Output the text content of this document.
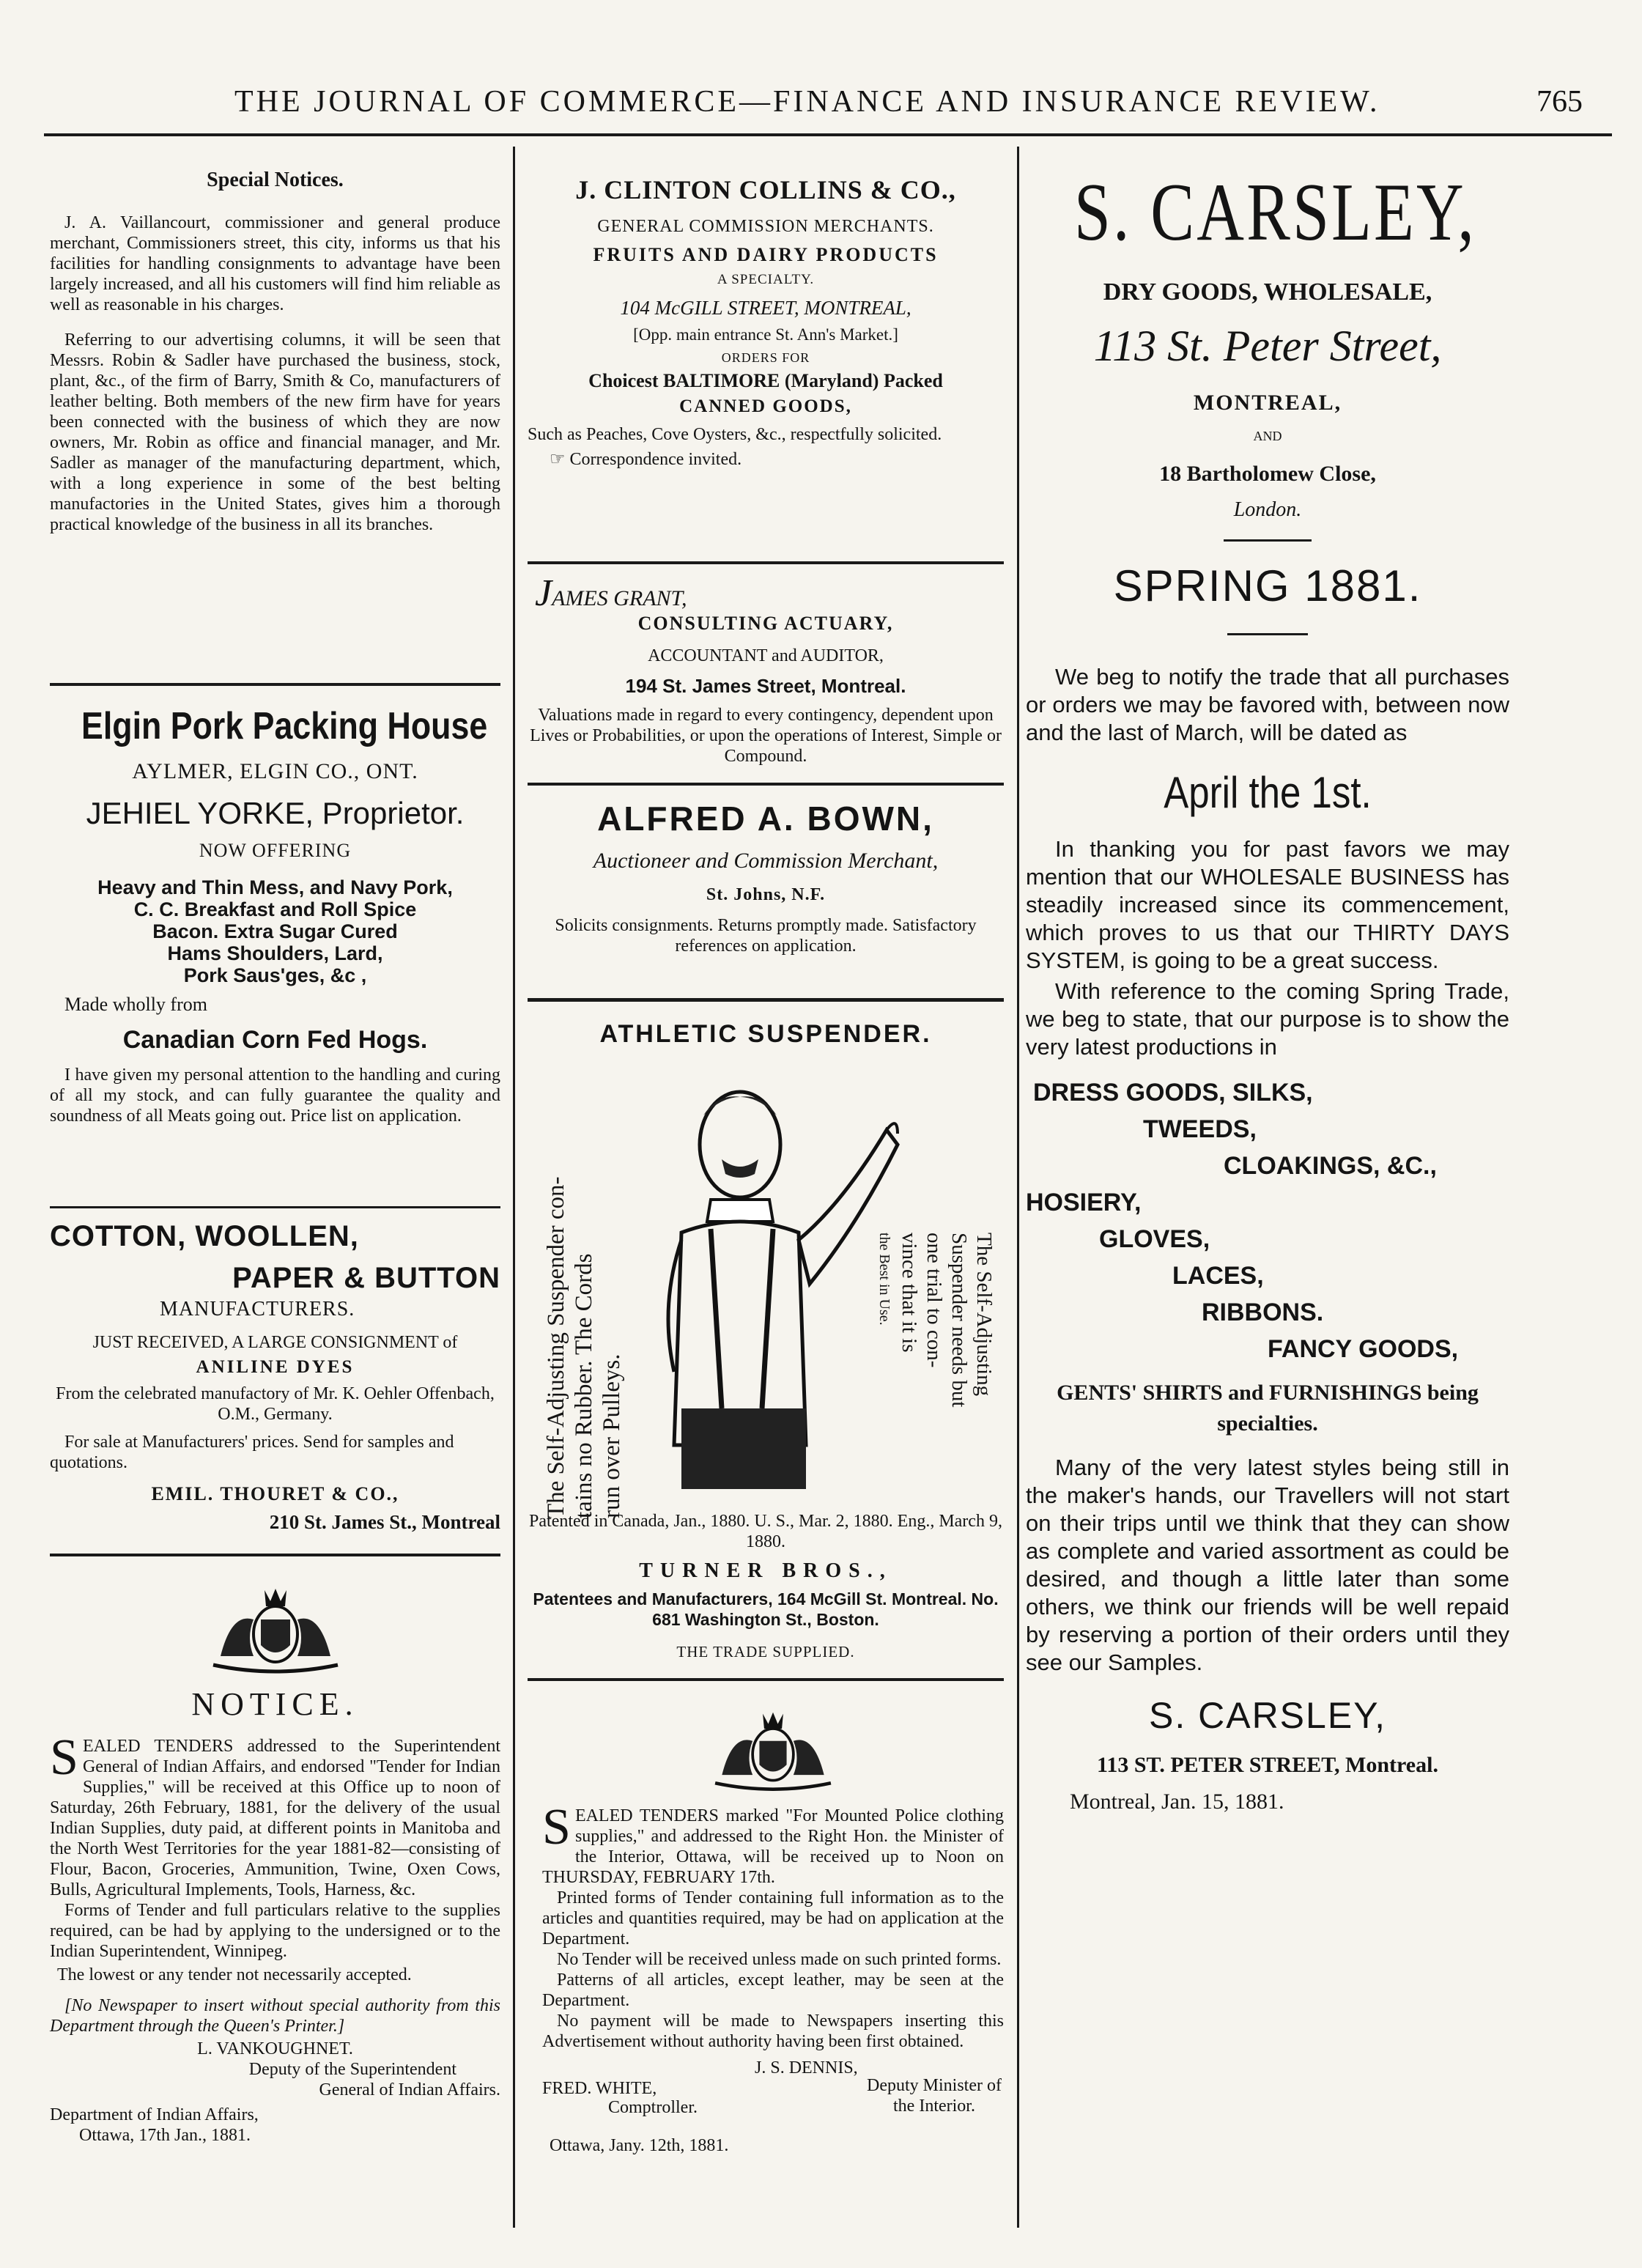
THE JOURNAL OF COMMERCE—FINANCE AND INSURANCE REVIEW.	765

Special Notices.

J. A. Vaillancourt, commissioner and general produce merchant, Commissioners street, this city, informs us that his facilities for handling consignments to advantage have been largely increased, and all his customers will find him reliable as well as reasonable in his charges.

Referring to our advertising columns, it will be seen that Messrs. Robin & Sadler have purchased the business, stock, plant, &c., of the firm of Barry, Smith & Co, manufacturers of leather belting. Both members of the new firm have for years been connected with the business of which they are now owners, Mr. Robin as office and financial manager, and Mr. Sadler as manager of the manufacturing department, which, with a long experience in some of the best belting manufactories in the United States, gives him a thorough practical knowledge of the business in all its branches.

Elgin Pork Packing House

AYLMER, ELGIN CO., ONT.

JEHIEL YORKE, Proprietor.

NOW OFFERING

Heavy and Thin Mess, and Navy Pork,

C. C. Breakfast and Roll Spice

Bacon. Extra Sugar Cured

Hams Shoulders, Lard,

Pork Saus'ges, &c ,

Made wholly from

Canadian Corn Fed Hogs.

I have given my personal attention to the handling and curing of all my stock, and can fully guarantee the quality and soundness of all Meats going out. Price list on application.

COTTON, WOOLLEN,

PAPER & BUTTON

MANUFACTURERS.

JUST RECEIVED, A LARGE CONSIGNMENT of

ANILINE DYES

From the celebrated manufactory of Mr. K. Oehler Offenbach, O.M., Germany.

For sale at Manufacturers' prices. Send for samples and quotations.

EMIL. THOURET & CO.,

210 St. James St., Montreal

NOTICE.

SEALED TENDERS addressed to the Superintendent General of Indian Affairs, and endorsed "Tender for Indian Supplies," will be received at this Office up to noon of Saturday, 26th February, 1881, for the delivery of the usual Indian Supplies, duty paid, at different points in Manitoba and the North West Territories for the year 1881-82—consisting of Flour, Bacon, Groceries, Ammunition, Twine, Oxen Cows, Bulls, Agricultural Implements, Tools, Harness, &c.

Forms of Tender and full particulars relative to the supplies required, can be had by applying to the undersigned or to the Indian Superintendent, Winnipeg.

The lowest or any tender not necessarily accepted.

[No Newspaper to insert without special authority from this Department through the Queen's Printer.]

L. VANKOUGHNET.

Deputy of the Superintendent

General of Indian Affairs.

Department of Indian Affairs,

Ottawa, 17th Jan., 1881.

J. CLINTON COLLINS & CO.,

GENERAL COMMISSION MERCHANTS.

FRUITS AND DAIRY PRODUCTS

A SPECIALTY.

104 McGILL STREET, MONTREAL,

[Opp. main entrance St. Ann's Market.]

ORDERS FOR

Choicest BALTIMORE (Maryland) Packed

CANNED GOODS,

Such as Peaches, Cove Oysters, &c., respectfully solicited.

☞ Correspondence invited.

JAMES GRANT,

CONSULTING ACTUARY,

ACCOUNTANT and AUDITOR,

194 St. James Street, Montreal.

Valuations made in regard to every contingency, dependent upon Lives or Probabilities, or upon the operations of Interest, Simple or Compound.

ALFRED A. BOWN,

Auctioneer and Commission Merchant,

St. Johns, N.F.

Solicits consignments. Returns promptly made. Satisfactory references on application.

ATHLETIC SUSPENDER.

The Self-Adjusting Suspender con- tains no Rubber. The Cords run over Pulleys.

The Self-Adjusting

Suspender needs but

one trial to con-

vince that it is

the Best in Use.

Patented in Canada, Jan., 1880. U. S., Mar. 2, 1880. Eng., March 9, 1880.

TURNER BROS.,

Patentees and Manufacturers, 164 McGill St. Montreal. No. 681 Washington St., Boston.

THE TRADE SUPPLIED.

SEALED TENDERS marked "For Mounted Police clothing supplies," and addressed to the Right Hon. the Minister of the Interior, Ottawa, will be received up to Noon on THURSDAY, FEBRUARY 17th.

Printed forms of Tender containing full information as to the articles and quantities required, may be had on application at the Department.

No Tender will be received unless made on such printed forms.

Patterns of all articles, except leather, may be seen at the Department.

No payment will be made to Newspapers inserting this Advertisement without authority having been first obtained.

J. S. DENNIS,

Deputy Minister of the Interior.

FRED. WHITE,

Comptroller.

Ottawa, Jany. 12th, 1881.

S. CARSLEY,

DRY GOODS, WHOLESALE,

113 St. Peter Street,

MONTREAL,

AND

18 Bartholomew Close,

London.

SPRING 1881.

We beg to notify the trade that all purchases or orders we may be favored with, between now and the last of March, will be dated as

April the 1st.

In thanking you for past favors we may mention that our WHOLESALE BUSINESS has steadily increased since its commencement, which proves to us that our THIRTY DAYS SYSTEM, is going to be a great success.

With reference to the coming Spring Trade, we beg to state, that our purpose is to show the very latest productions in

DRESS GOODS, SILKS,

TWEEDS,

CLOAKINGS, &C.,

HOSIERY,

GLOVES,

LACES,

RIBBONS.

FANCY GOODS,

GENTS' SHIRTS and FURNISHINGS being specialties.

Many of the very latest styles being still in the maker's hands, our Travellers will not start on their trips until we think that they can show as complete and varied assortment as could be desired, and though a little later than some others, we think our friends will be well repaid by reserving a portion of their orders until they see our Samples.

S. CARSLEY,

113 ST. PETER STREET, Montreal.

Montreal, Jan. 15, 1881.
